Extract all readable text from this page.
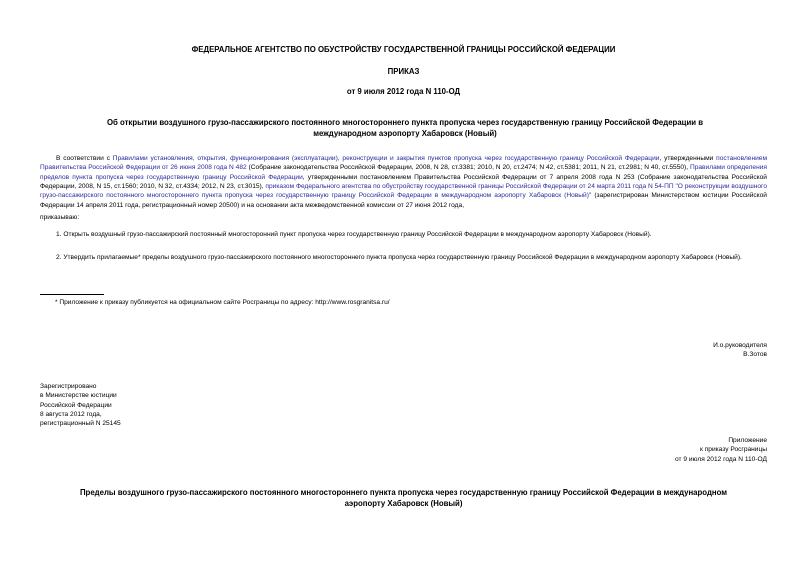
ФЕДЕРАЛЬНОЕ АГЕНТСТВО ПО ОБУСТРОЙСТВУ ГОСУДАРСТВЕННОЙ ГРАНИЦЫ РОССИЙСКОЙ ФЕДЕРАЦИИ
ПРИКАЗ
от 9 июля 2012 года N 110-ОД
Об открытии воздушного грузо-пассажирского постоянного многостороннего пункта пропуска через государственную границу Российской Федерации в международном аэропорту Хабаровск (Новый)
В соответствии с Правилами установления, открытия, функционирования (эксплуатации), реконструкции и закрытия пунктов пропуска через государственную границу Российской Федерации, утвержденными постановлением Правительства Российской Федерации от 26 июня 2008 года N 482 (Собрание законодательства Российской Федерации, 2008, N 28, ст.3381; 2010, N 20, ст.2474; N 42, ст.5381; 2011, N 21, ст.2981; N 40, ст.5550), Правилами определения пределов пункта пропуска через государственную границу Российской Федерации, утвержденными постановлением Правительства Российской Федерации от 7 апреля 2008 года N 253 (Собрание законодательства Российской Федерации, 2008, N 15, ст.1560; 2010, N 32, ст.4334; 2012, N 23, ст.3015), приказом Федерального агентства по обустройству государственной границы Российской Федерации от 24 марта 2011 года N 54-ПП "О реконструкции воздушного грузо-пассажирского постоянного многостороннего пункта пропуска через государственную границу Российской Федерации в международном аэропорту Хабаровск (Новый)" (зарегистрирован Министерством юстиции Российской Федерации 14 апреля 2011 года, регистрационный номер 20500) и на основании акта межведомственной комиссии от 27 июня 2012 года,
приказываю:
1. Открыть воздушный грузо-пассажирский постоянный многосторонний пункт пропуска через государственную границу Российской Федерации в международном аэропорту Хабаровск (Новый).
2. Утвердить прилагаемые* пределы воздушного грузо-пассажирского постоянного многостороннего пункта пропуска через государственную границу Российской Федерации в международном аэропорту Хабаровск (Новый).
* Приложение к приказу публикуется на официальном сайте Росграницы по адресу: http://www.rosgranitsa.ru/
И.о.руководителя
В.Зотов
Зарегистрировано
в Министерстве юстиции
Российской Федерации
8 августа 2012 года,
регистрационный N 25145
Приложение
к приказу Росграницы
от 9 июля 2012 года N 110-ОД
Пределы воздушного грузо-пассажирского постоянного многостороннего пункта пропуска через государственную границу Российской Федерации в международном аэропорту Хабаровск (Новый)
